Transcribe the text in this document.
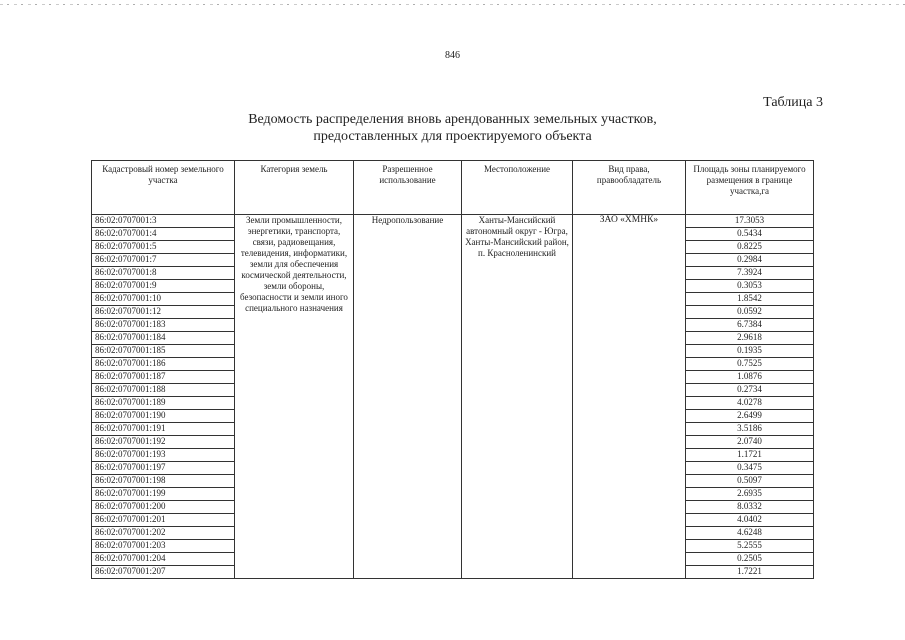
846
Таблица 3
Ведомость распределения вновь арендованных земельных участков,
предоставленных для проектируемого объекта
Кадастровый номер земельного участка	Категория земель	Разрешенное использование	Местоположение	Вид права, правообладатель	Площадь зоны планируемого размещения в границе участка,га
86:02:0707001:3	Земли промышленности, энергетики, транспорта, связи, радиовещания, телевидения, информатики, земли для обеспечения космической деятельности, земли обороны, безопасности и земли иного специального назначения	Недропользование	Ханты-Мансийский автономный округ - Югра, Ханты-Мансийский район, п. Красноленинский	ЗАО «ХМНК»	17.3053
86:02:0707001:4					0.5434
86:02:0707001:5					0.8225
86:02:0707001:7					0.2984
86:02:0707001:8					7.3924
86:02:0707001:9					0.3053
86:02:0707001:10					1.8542
86:02:0707001:12					0.0592
86:02:0707001:183					6.7384
86:02:0707001:184					2.9618
86:02:0707001:185					0.1935
86:02:0707001:186					0.7525
86:02:0707001:187					1.0876
86:02:0707001:188					0.2734
86:02:0707001:189					4.0278
86:02:0707001:190					2.6499
86:02:0707001:191					3.5186
86:02:0707001:192					2.0740
86:02:0707001:193					1.1721
86:02:0707001:197					0.3475
86:02:0707001:198					0.5097
86:02:0707001:199					2.6935
86:02:0707001:200					8.0332
86:02:0707001:201					4.0402
86:02:0707001:202					4.6248
86:02:0707001:203					5.2555
86:02:0707001:204					0.2505
86:02:0707001:207					1.7221
